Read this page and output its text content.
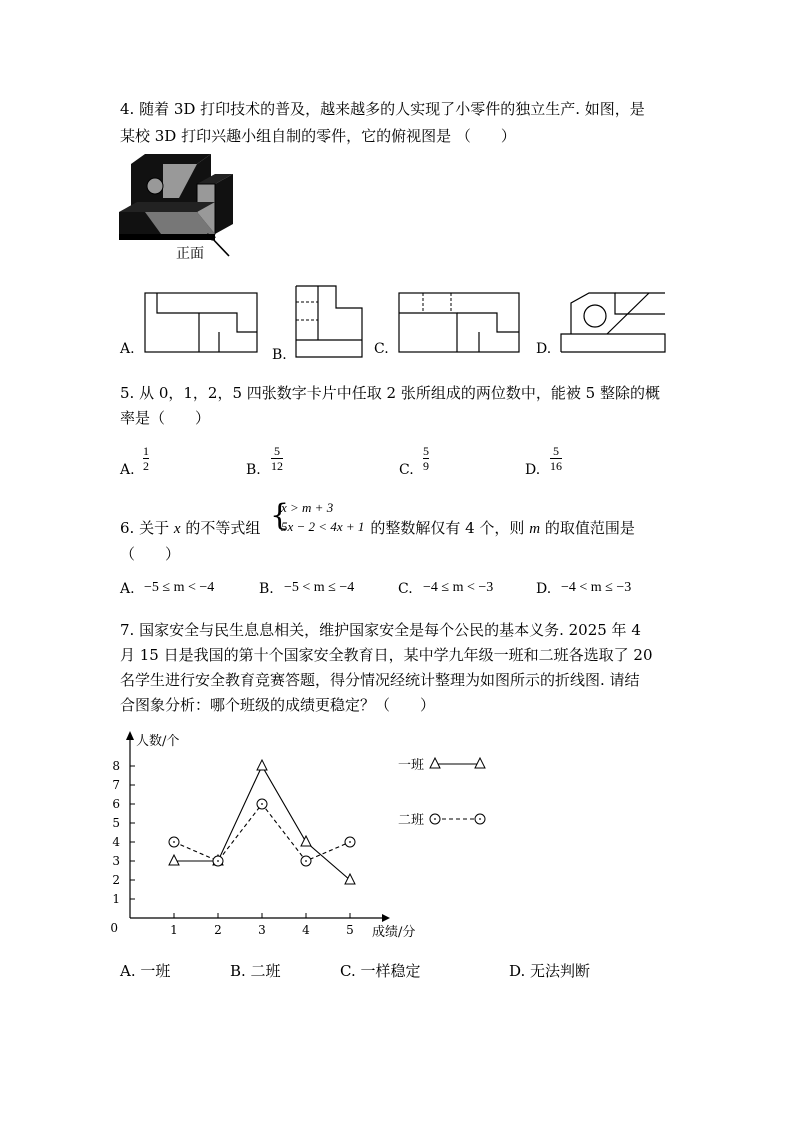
4. 随着 3D 打印技术的普及，越来越多的人实现了小零件的独立生产. 如图，是
某校 3D 打印兴趣小组自制的零件，它的俯视图是 （　　）
正面
A.	B.	C.	D.
5. 从 0，1，2，5 四张数字卡片中任取 2 张所组成的两位数中，能被 5 整除的概
率是（　　）
A.
1
2	B.
5
12	C.
5
9	D.
5
16
6. 关于 x 的不等式组	的整数解仅有 4 个，则 m 的取值范围是
{
x > m + 3
5x − 2 < 4x + 1
（　　）
A. −5 ≤ m < −4	B. −5 < m ≤ −4	C. −4 ≤ m < −3	D. −4 < m ≤ −3
7. 国家安全与民生息息相关，维护国家安全是每个公民的基本义务. 2025 年 4
月 15 日是我国的第十个国家安全教育日，某中学九年级一班和二班各选取了 20
名学生进行安全教育竞赛答题，得分情况经统计整理为如图所示的折线图. 请结
合图象分析：哪个班级的成绩更稳定？（　　）
0
1
2
3
4
5
6
7
8
1	2	3	4	5
人数/个
成绩/分
一班
二班
A. 一班	B. 二班	C. 一样稳定	D. 无法判断
